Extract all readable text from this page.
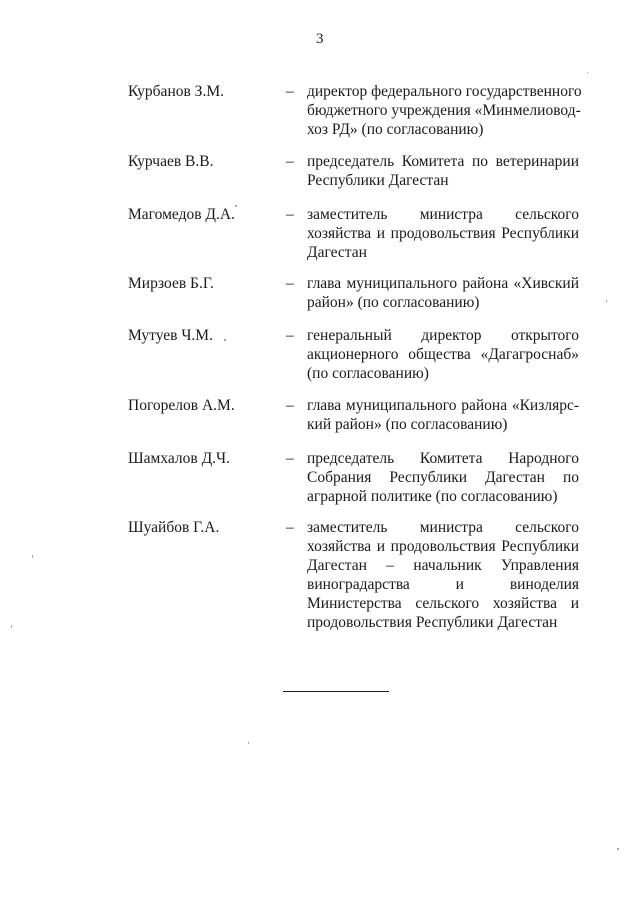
3
Курбанов З.М.	– директор федерального государственного
бюджетного учреждения «Минмелиовод-
хоз РД» (по согласованию)
Курчаев В.В.	– председатель Комитета по ветеринарии
Республики Дагестан
Магомедов Д.А.	– заместитель министра сельского
хозяйства и продовольствия Республики
Дагестан
Мирзоев Б.Г.	– глава муниципального района «Хивский
район» (по согласованию)
Мутуев Ч.М.	– генеральный директор открытого
акционерного общества «Дагагроснаб»
(по согласованию)
Погорелов А.М.	– глава муниципального района «Кизлярс-
кий район» (по согласованию)
Шамхалов Д.Ч.	– председатель Комитета Народного
Собрания Республики Дагестан по
аграрной политике (по согласованию)
Шуайбов Г.А.	– заместитель министра сельского
хозяйства и продовольствия Республики
Дагестан – начальник Управления
виноградарства и виноделия
Министерства сельского хозяйства и
продовольствия Республики Дагестан
